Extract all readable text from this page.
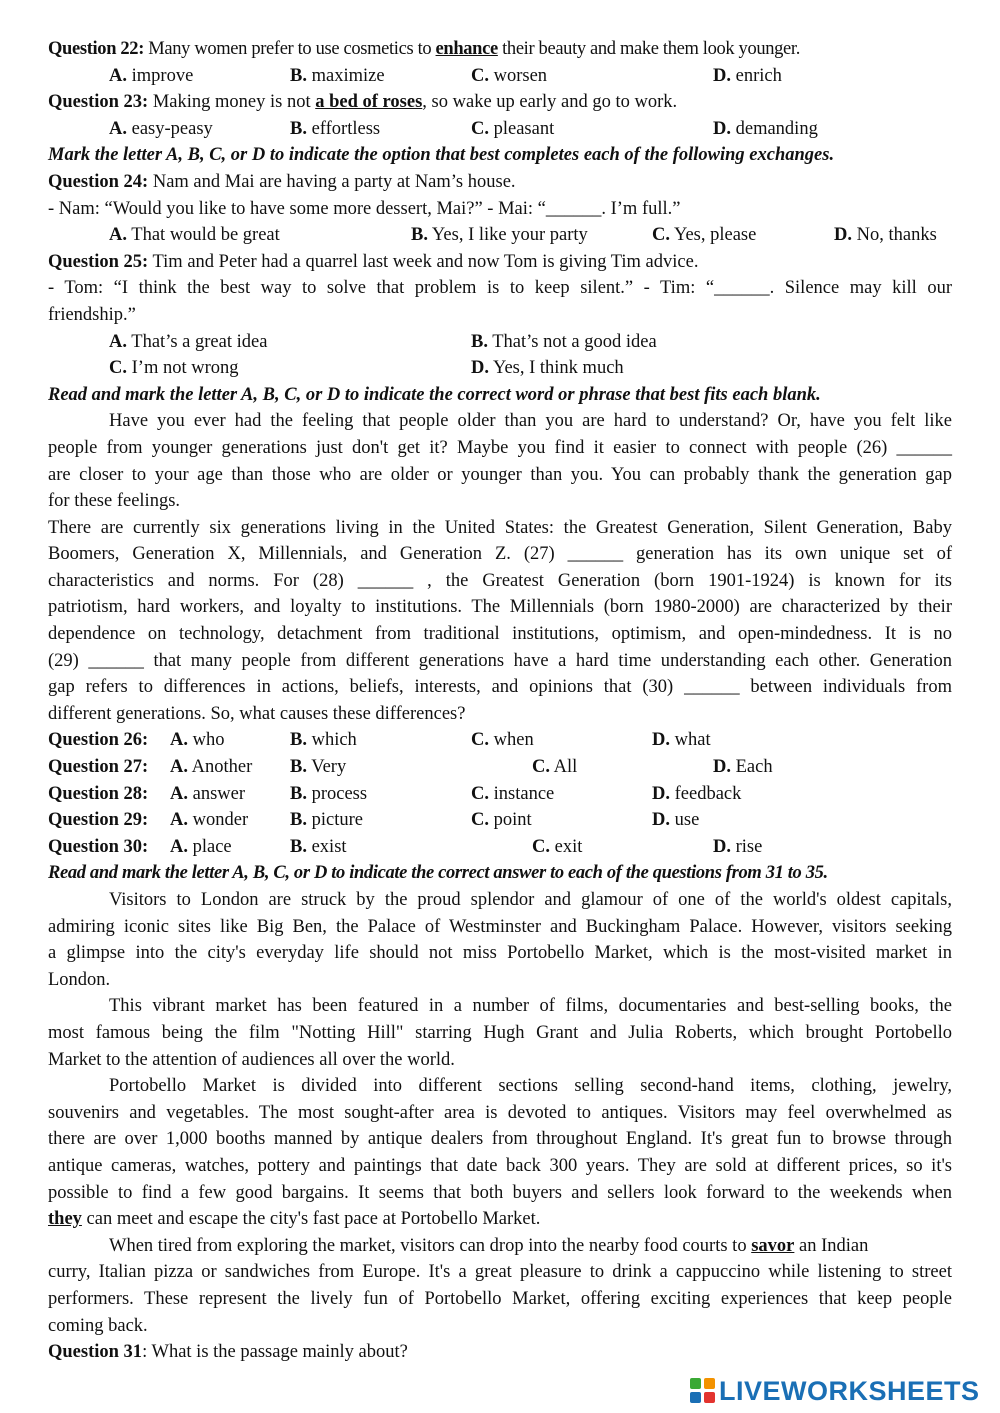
Question 22: Many women prefer to use cosmetics to enhance their beauty and make them look younger.
A. improve	B. maximize	C. worsen	D. enrich
Question 23: Making money is not a bed of roses, so wake up early and go to work.
A. easy-peasy	B. effortless	C. pleasant	D. demanding
Mark the letter A, B, C, or D to indicate the option that best completes each of the following exchanges.
Question 24: Nam and Mai are having a party at Nam’s house.
- Nam: “Would you like to have some more dessert, Mai?” - Mai: “______. I’m full.”
A. That would be great	B. Yes, I like your party	C. Yes, please	D. No, thanks
Question 25: Tim and Peter had a quarrel last week and now Tom is giving Tim advice.
- Tom: “I think the best way to solve that problem is to keep silent.” - Tim: “______. Silence may kill our
friendship.”
A. That’s a great idea	B. That’s not a good idea
C. I’m not wrong	D. Yes, I think much
Read and mark the letter A, B, C, or D to indicate the correct word or phrase that best fits each blank.
Have you ever had the feeling that people older than you are hard to understand? Or, have you felt like
people from younger generations just don't get it? Maybe you find it easier to connect with people (26) ______
are closer to your age than those who are older or younger than you. You can probably thank the generation gap
for these feelings.
There are currently six generations living in the United States: the Greatest Generation, Silent Generation, Baby
Boomers, Generation X, Millennials, and Generation Z. (27) ______ generation has its own unique set of
characteristics and norms. For (28) ______ , the Greatest Generation (born 1901-1924) is known for its
patriotism, hard workers, and loyalty to institutions. The Millennials (born 1980-2000) are characterized by their
dependence on technology, detachment from traditional institutions, optimism, and open-mindedness. It is no
(29) ______ that many people from different generations have a hard time understanding each other. Generation
gap refers to differences in actions, beliefs, interests, and opinions that (30) ______ between individuals from
different generations. So, what causes these differences?
Question 26: A. who	B. which	C. when	D. what
Question 27: A. Another B. Very	C. All	D. Each
Question 28: A. answer B. process	C. instance	D. feedback
Question 29: A. wonder B. picture	C. point	D. use
Question 30: A. place	B. exist	C. exit	D. rise
Read and mark the letter A, B, C, or D to indicate the correct answer to each of the questions from 31 to 35.
Visitors to London are struck by the proud splendor and glamour of one of the world's oldest capitals,
admiring iconic sites like Big Ben, the Palace of Westminster and Buckingham Palace. However, visitors seeking
a glimpse into the city's everyday life should not miss Portobello Market, which is the most-visited market in
London.
This vibrant market has been featured in a number of films, documentaries and best-selling books, the
most famous being the film "Notting Hill" starring Hugh Grant and Julia Roberts, which brought Portobello
Market to the attention of audiences all over the world.
Portobello Market is divided into different sections selling second-hand items, clothing, jewelry,
souvenirs and vegetables. The most sought-after area is devoted to antiques. Visitors may feel overwhelmed as
there are over 1,000 booths manned by antique dealers from throughout England. It's great fun to browse through
antique cameras, watches, pottery and paintings that date back 300 years. They are sold at different prices, so it's
possible to find a few good bargains. It seems that both buyers and sellers look forward to the weekends when
they can meet and escape the city's fast pace at Portobello Market.
When tired from exploring the market, visitors can drop into the nearby food courts to savor an Indian
curry, Italian pizza or sandwiches from Europe. It's a great pleasure to drink a cappuccino while listening to street
performers. These represent the lively fun of Portobello Market, offering exciting experiences that keep people
coming back.
Question 31: What is the passage mainly about?
LIVEWORKSHEETS
